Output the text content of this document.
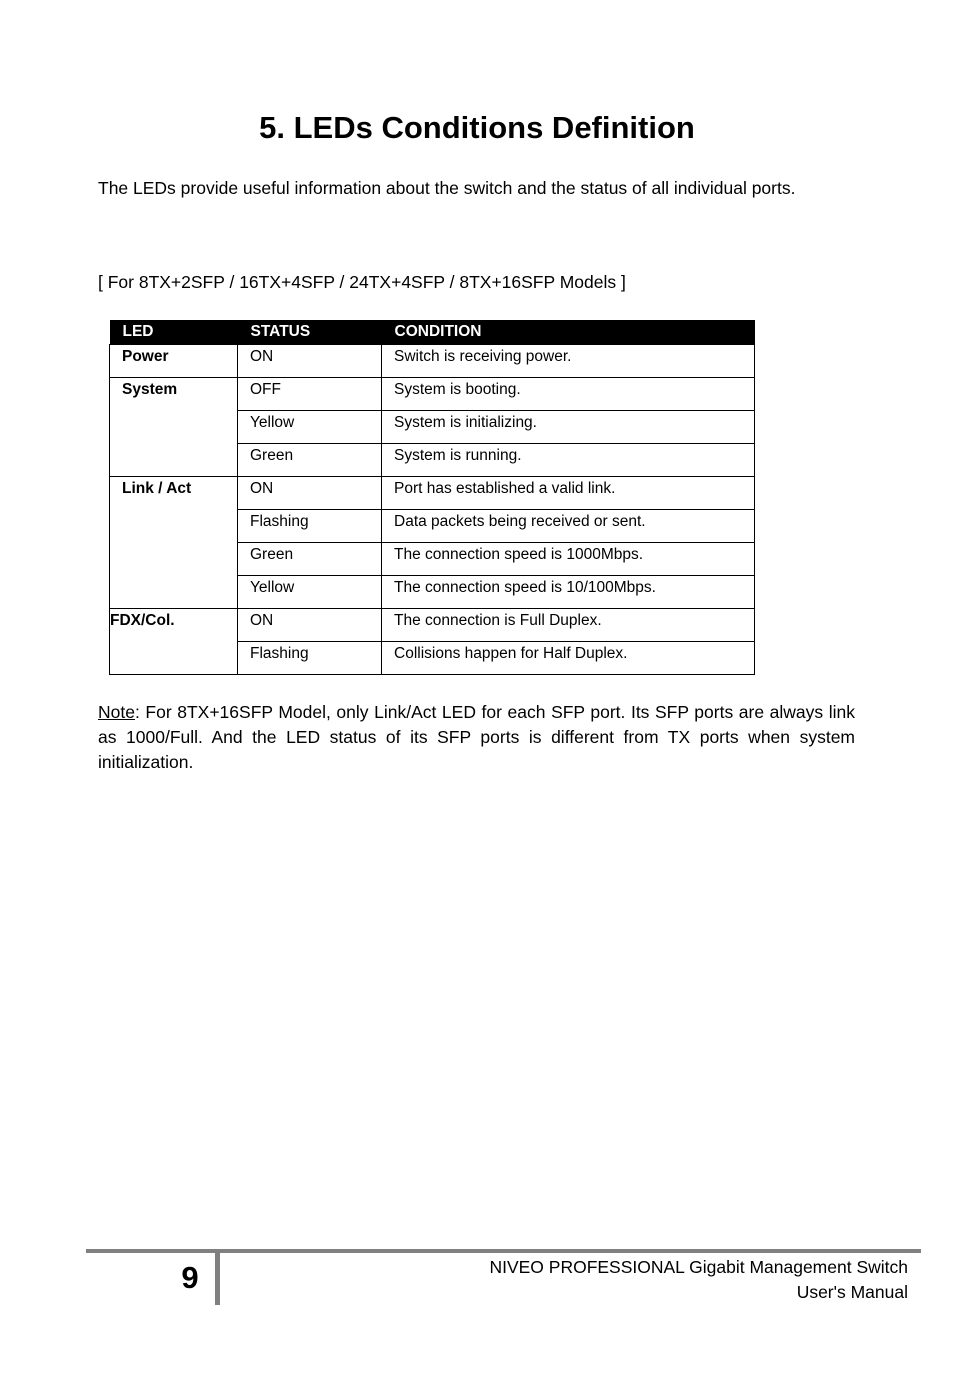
5. LEDs Conditions Definition

The LEDs provide useful information about the switch and the status of all individual ports.

[ For 8TX+2SFP / 16TX+4SFP / 24TX+4SFP / 8TX+16SFP Models ]

LED	STATUS	CONDITION
Power	ON	Switch is receiving power.
System	OFF	System is booting.
	Yellow	System is initializing.
	Green	System is running.
Link / Act	ON	Port has established a valid link.
	Flashing	Data packets being received or sent.
	Green	The connection speed is 1000Mbps.
	Yellow	The connection speed is 10/100Mbps.
FDX/Col.	ON	The connection is Full Duplex.
	Flashing	Collisions happen for Half Duplex.

Note: For 8TX+16SFP Model, only Link/Act LED for each SFP port. Its SFP ports are always link as 1000/Full. And the LED status of its SFP ports is different from TX ports when system initialization.

9	NIVEO PROFESSIONAL Gigabit Management Switch
User's Manual
